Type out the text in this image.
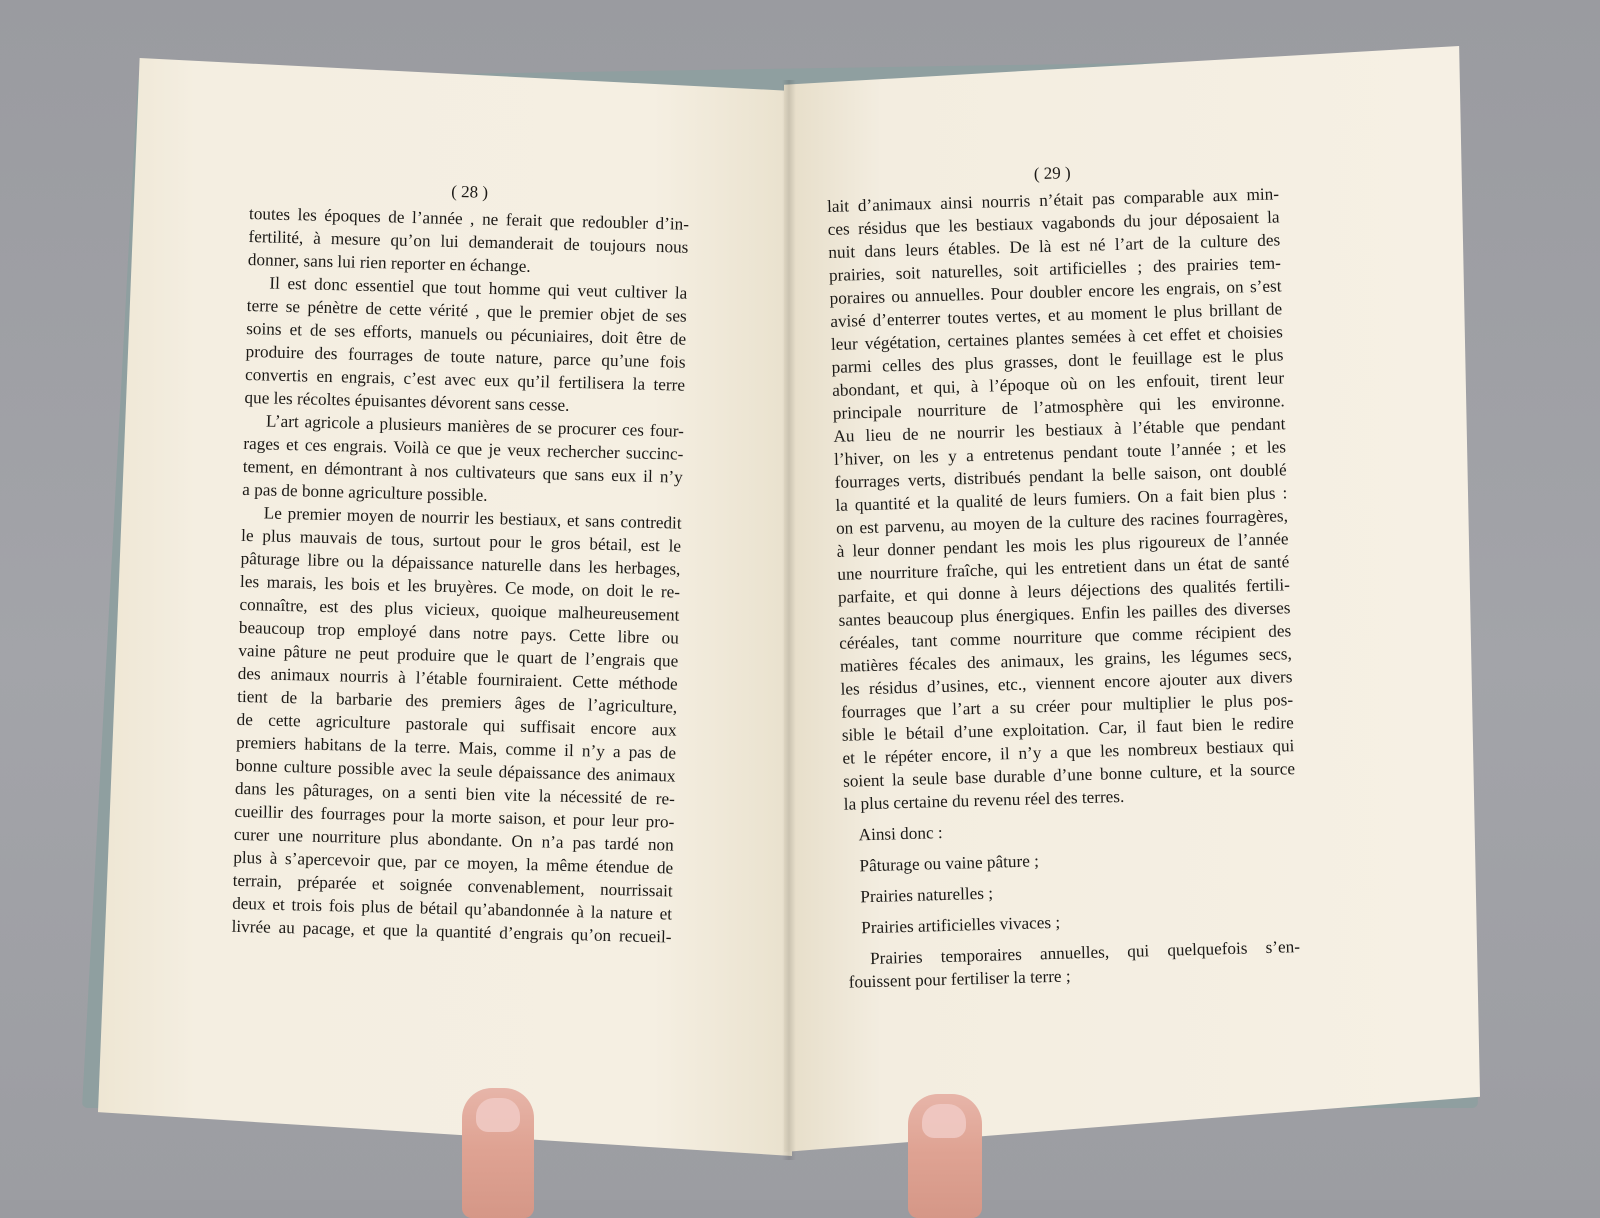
( 28 )
toutes les époques de l’année , ne ferait que redoubler d’in-
fertilité, à mesure qu’on lui demanderait de toujours nous
donner, sans lui rien reporter en échange.
Il est donc essentiel que tout homme qui veut cultiver la
terre se pénètre de cette vérité , que le premier objet de ses
soins et de ses efforts, manuels ou pécuniaires, doit être de
produire des fourrages de toute nature, parce qu’une fois
convertis en engrais, c’est avec eux qu’il fertilisera la terre
que les récoltes épuisantes dévorent sans cesse.
L’art agricole a plusieurs manières de se procurer ces four-
rages et ces engrais. Voilà ce que je veux rechercher succinc-
tement, en démontrant à nos cultivateurs que sans eux il n’y
a pas de bonne agriculture possible.
Le premier moyen de nourrir les bestiaux, et sans contredit
le plus mauvais de tous, surtout pour le gros bétail, est le
pâturage libre ou la dépaissance naturelle dans les herbages,
les marais, les bois et les bruyères. Ce mode, on doit le re-
connaître, est des plus vicieux, quoique malheureusement
beaucoup trop employé dans notre pays. Cette libre ou
vaine pâture ne peut produire que le quart de l’engrais que
des animaux nourris à l’étable fourniraient. Cette méthode
tient de la barbarie des premiers âges de l’agriculture,
de cette agriculture pastorale qui suffisait encore aux
premiers habitans de la terre. Mais, comme il n’y a pas de
bonne culture possible avec la seule dépaissance des animaux
dans les pâturages, on a senti bien vite la nécessité de re-
cueillir des fourrages pour la morte saison, et pour leur pro-
curer une nourriture plus abondante. On n’a pas tardé non
plus à s’apercevoir que, par ce moyen, la même étendue de
terrain, préparée et soignée convenablement, nourrissait
deux et trois fois plus de bétail qu’abandonnée à la nature et
livrée au pacage, et que la quantité d’engrais qu’on recueil-
( 29 )
lait d’animaux ainsi nourris n’était pas comparable aux min-
ces résidus que les bestiaux vagabonds du jour déposaient la
nuit dans leurs étables. De là est né l’art de la culture des
prairies, soit naturelles, soit artificielles ; des prairies tem-
poraires ou annuelles. Pour doubler encore les engrais, on s’est
avisé d’enterrer toutes vertes, et au moment le plus brillant de
leur végétation, certaines plantes semées à cet effet et choisies
parmi celles des plus grasses, dont le feuillage est le plus
abondant, et qui, à l’époque où on les enfouit, tirent leur
principale nourriture de l’atmosphère qui les environne.
Au lieu de ne nourrir les bestiaux à l’étable que pendant
l’hiver, on les y a entretenus pendant toute l’année ; et les
fourrages verts, distribués pendant la belle saison, ont doublé
la quantité et la qualité de leurs fumiers. On a fait bien plus :
on est parvenu, au moyen de la culture des racines fourragères,
à leur donner pendant les mois les plus rigoureux de l’année
une nourriture fraîche, qui les entretient dans un état de santé
parfaite, et qui donne à leurs déjections des qualités fertili-
santes beaucoup plus énergiques. Enfin les pailles des diverses
céréales, tant comme nourriture que comme récipient des
matières fécales des animaux, les grains, les légumes secs,
les résidus d’usines, etc., viennent encore ajouter aux divers
fourrages que l’art a su créer pour multiplier le plus pos-
sible le bétail d’une exploitation. Car, il faut bien le redire
et le répéter encore, il n’y a que les nombreux bestiaux qui
soient la seule base durable d’une bonne culture, et la source
la plus certaine du revenu réel des terres.
Ainsi donc :
Pâturage ou vaine pâture ;
Prairies naturelles ;
Prairies artificielles vivaces ;
Prairies temporaires annuelles, qui quelquefois s’en-
fouissent pour fertiliser la terre ;
